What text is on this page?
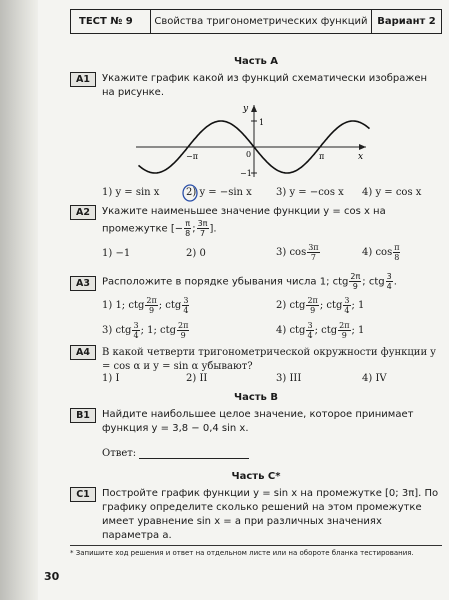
ТЕСТ № 9	Свойства тригонометрических функций Вариант 2
Часть A
A1	Укажите график какой из функций схематически изображен на рисунке.
y
x
1
−1
0
−π	π
1) y = sin x	2) y = −sin x 3) y = −cos x 4) y = cos x
A2	Укажите наименьшее значение функции y = cos x на промежутке [− $\frac{\pi}{8}$ ; $\frac{3\pi}{7}$ ].
1) −1	2) 0	3) $\cos \frac{3\pi}{7}$	4) $\cos \frac{\pi}{8}$
A3	Расположите в порядке убывания числа 1; ctg $\frac{2\pi}{9}$ ; ctg $\frac{3}{4}$ .
1) 1; ctg $\frac{2\pi}{9}$ ; ctg $\frac{3}{4}$	2) ctg $\frac{2\pi}{9}$ ; ctg $\frac{3}{4}$ ; 1
3) ctg $\frac{3}{4}$ ; 1; ctg $\frac{2\pi}{9}$	4) ctg $\frac{3}{4}$ ; ctg $\frac{2\pi}{9}$ ; 1
A4	В какой четверти тригонометрической окружности функции y = cos α и y = sin α убывают?
1) I	2) II	3) III	4) IV
Часть B
B1	Найдите наибольшее целое значение, которое принимает функция y = 3,8 − 0,4 sin x.
Ответ:
Часть C*
C1	Постройте график функции y = sin x на промежутке [0; 3π]. По графику определите сколько решений на этом промежутке имеет уравнение sin x = a при различных значениях параметра a.
* Запишите ход решения и ответ на отдельном листе или на обороте бланка тестирования.
30
